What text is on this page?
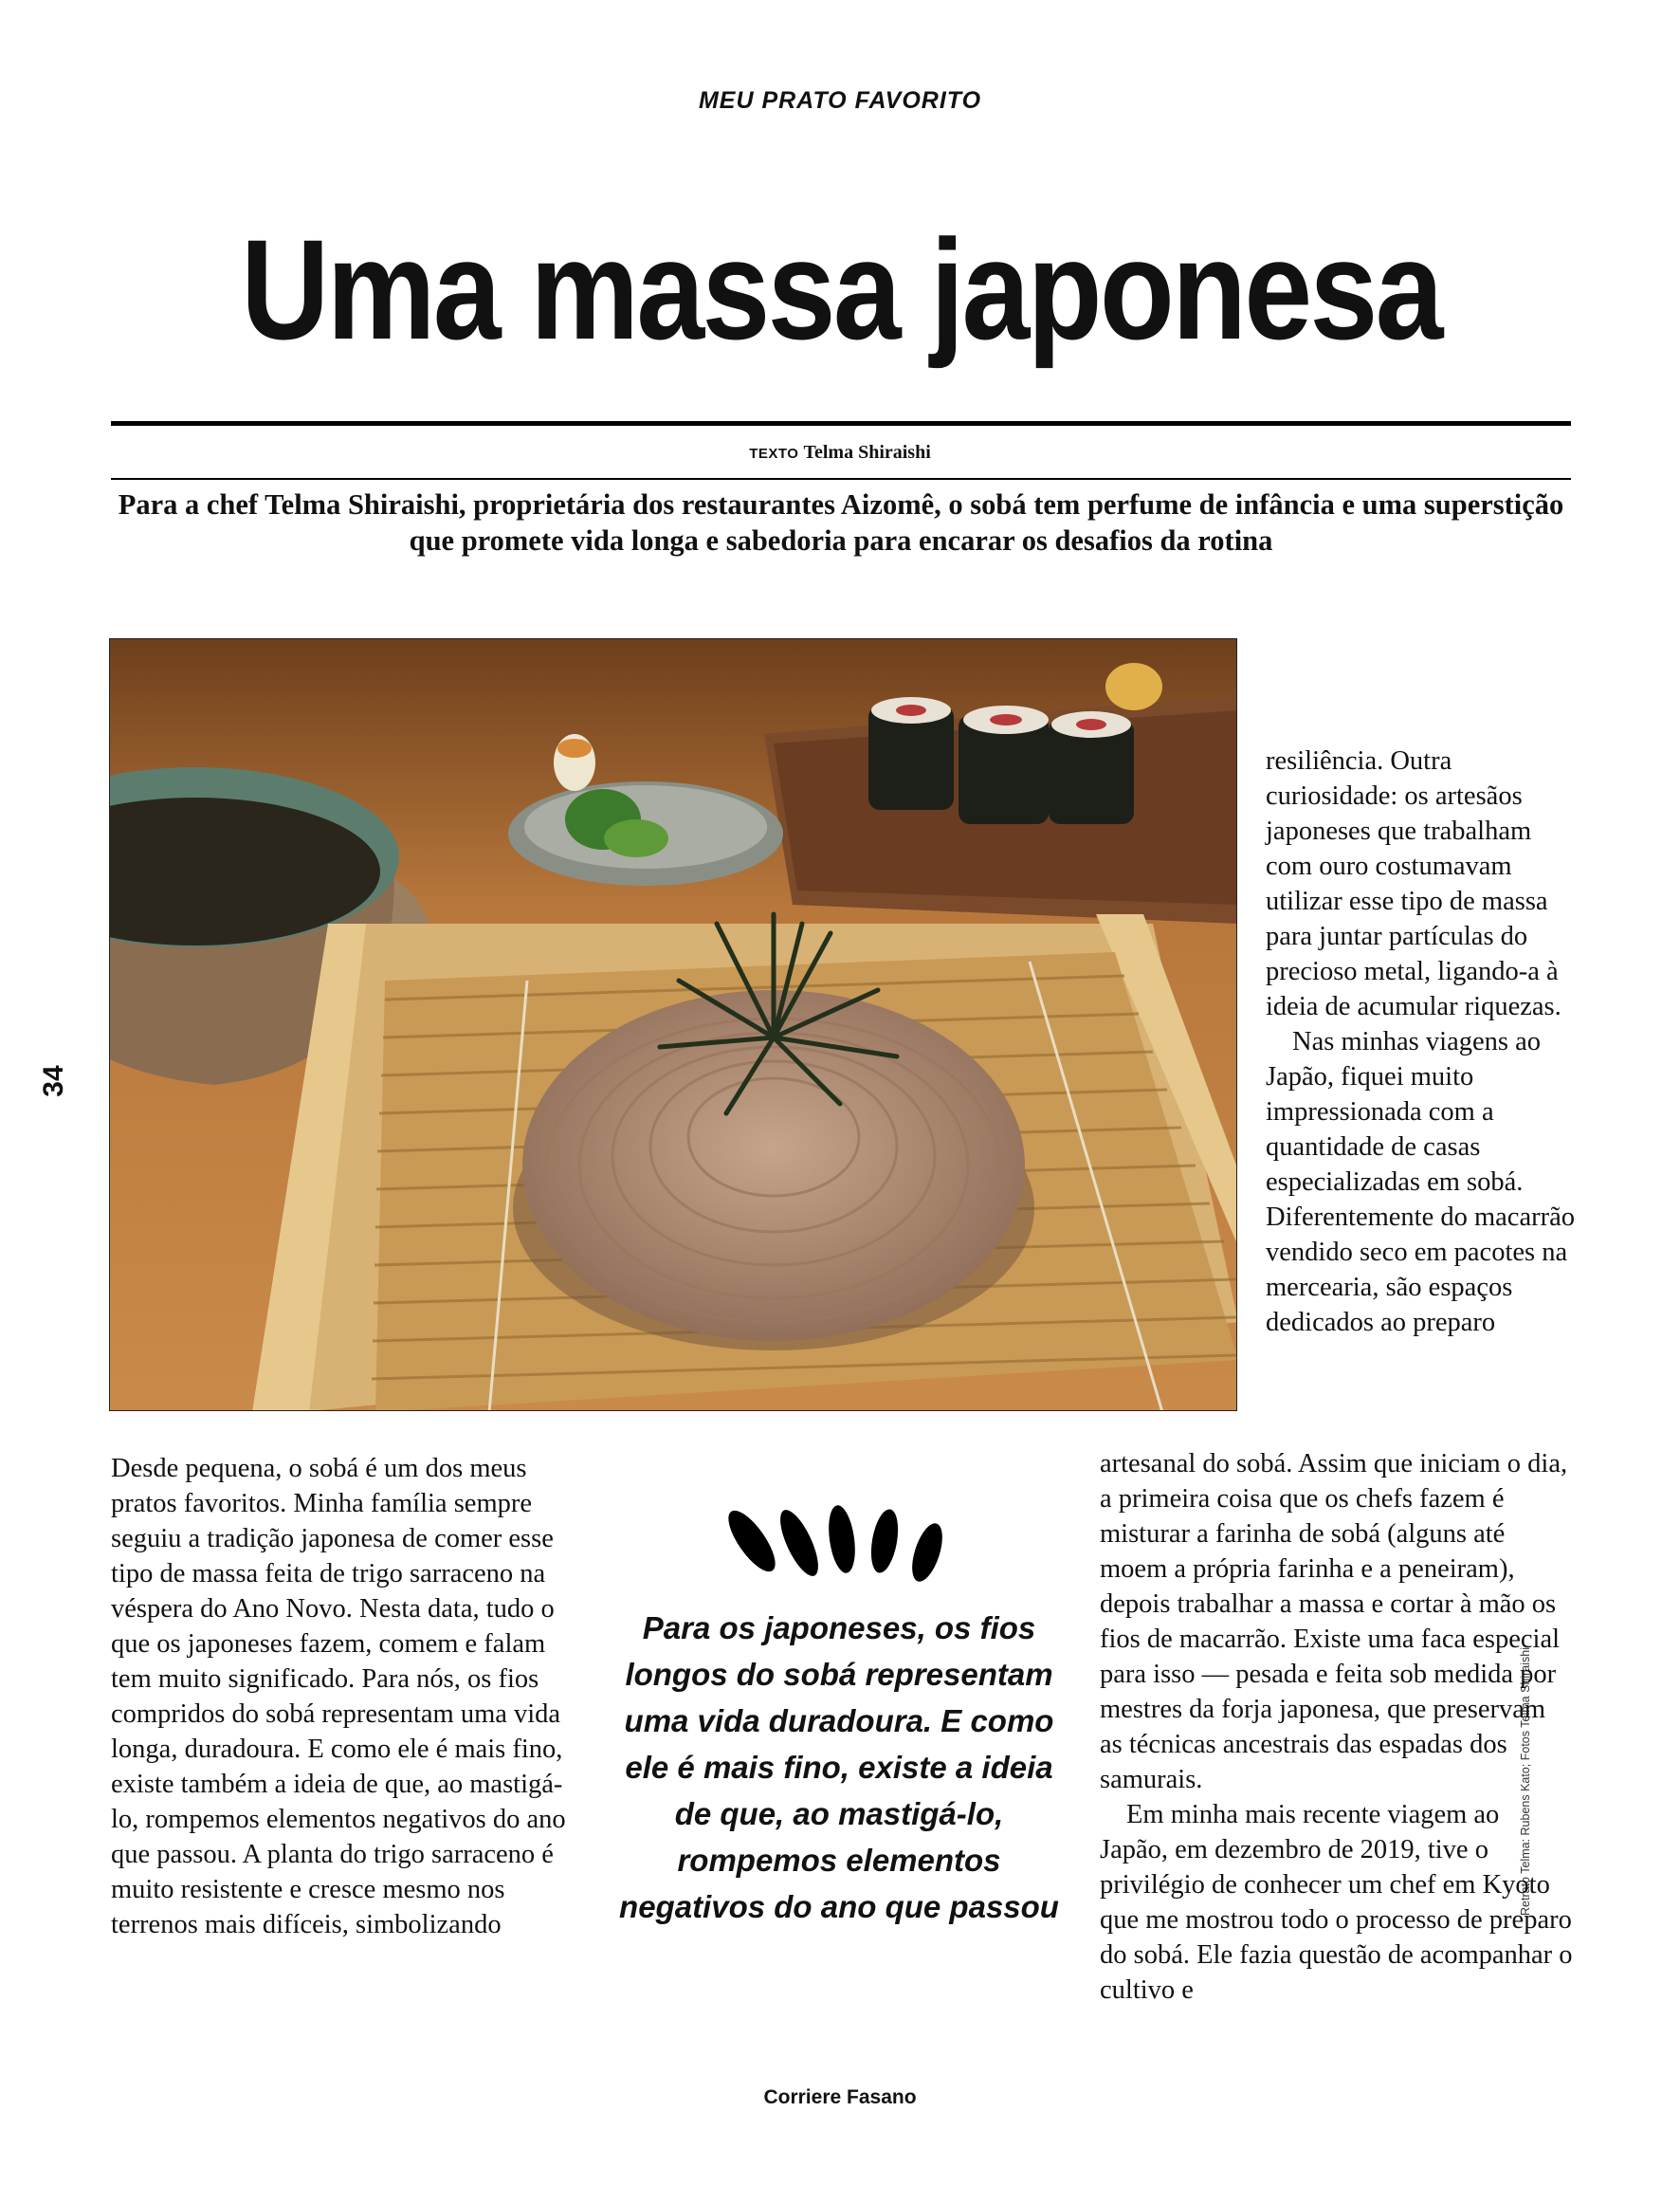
MEU PRATO FAVORITO
Uma massa japonesa
TEXTO Telma Shiraishi

Para a chef Telma Shiraishi, proprietária dos restaurantes Aizomê, o sobá tem perfume de infância e uma superstição que promete vida longa e sabedoria para encarar os desafios da rotina

34
Retrato Telma: Rubens Kato; Fotos Telma Shiraishi

Desde pequena, o sobá é um dos meus pratos favoritos. Minha família sempre seguiu a tradição japonesa de comer esse tipo de massa feita de trigo sarraceno na véspera do Ano Novo. Nesta data, tudo o que os japoneses fazem, comem e falam tem muito significado. Para nós, os fios compridos do sobá representam uma vida longa, duradoura. E como ele é mais fino, existe também a ideia de que, ao mastigá-lo, rompemos elementos negativos do ano que passou. A planta do trigo sarraceno é muito resistente e cresce mesmo nos terrenos mais difíceis, simbolizando

resiliência. Outra curiosidade: os artesãos japoneses que trabalham com ouro costumavam utilizar esse tipo de massa para juntar partículas do precioso metal, ligando-a à ideia de acumular riquezas.

Nas minhas viagens ao Japão, fiquei muito impressionada com a quantidade de casas especializadas em sobá. Diferentemente do macarrão vendido seco em pacotes na mercearia, são espaços dedicados ao preparo

artesanal do sobá. Assim que iniciam o dia, a primeira coisa que os chefs fazem é misturar a farinha de sobá (alguns até moem a própria farinha e a peneiram), depois trabalhar a massa e cortar à mão os fios de macarrão. Existe uma faca especial para isso — pesada e feita sob medida por mestres da forja japonesa, que preservam as técnicas ancestrais das espadas dos samurais.

Em minha mais recente viagem ao Japão, em dezembro de 2019, tive o privilégio de conhecer um chef em Kyoto que me mostrou todo o processo de preparo do sobá. Ele fazia questão de acompanhar o cultivo e

Para os japoneses, os fios longos do sobá representam uma vida duradoura. E como ele é mais fino, existe a ideia de que, ao mastigá-lo, rompemos elementos negativos do ano que passou
Corriere Fasano
